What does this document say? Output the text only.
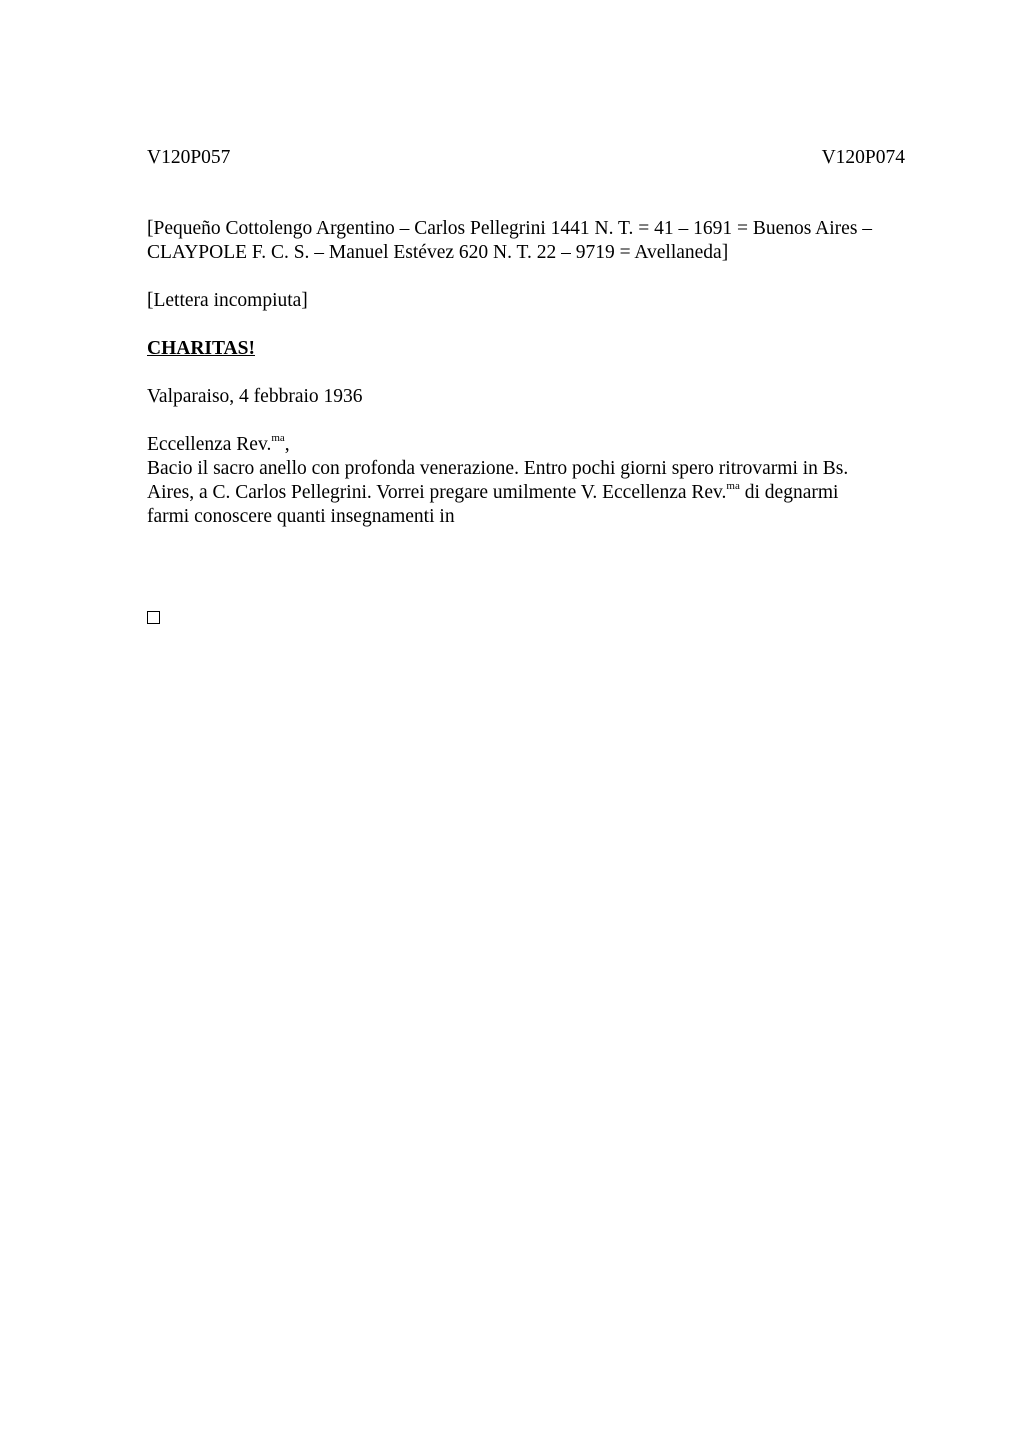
V120P057	V120P074
[Pequeño Cottolengo Argentino – Carlos Pellegrini 1441 N. T. = 41 – 1691 = Buenos Aires –
CLAYPOLE F. C. S. – Manuel Estévez 620 N. T. 22 – 9719 = Avellaneda]
[Lettera incompiuta]
CHARITAS!
Valparaiso, 4 febbraio 1936
Eccellenza Rev.$^{ma}$,
Bacio il sacro anello con profonda venerazione. Entro pochi giorni spero ritrovarmi in Bs.
Aires, a C. Carlos Pellegrini. Vorrei pregare umilmente V. Eccellenza Rev.$^{ma}$ di degnarmi
farmi conoscere quanti insegnamenti in
